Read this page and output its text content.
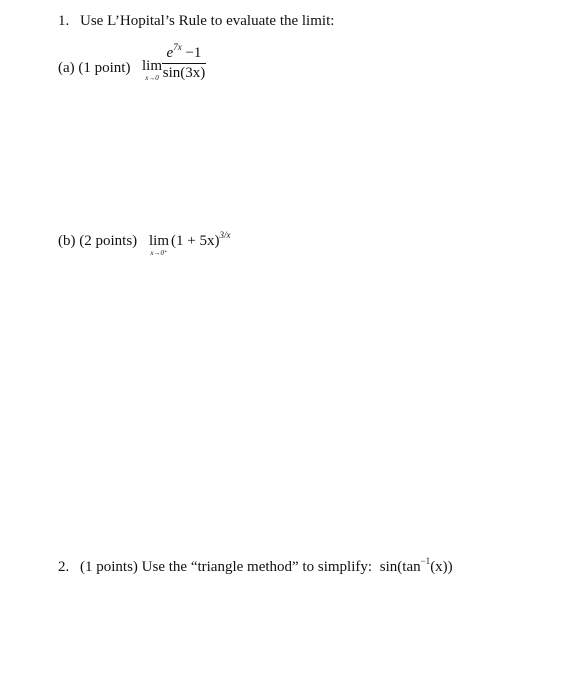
1. Use L’Hopital’s Rule to evaluate the limit:
(a) (1 point) lim
x→0
$e^{7x} -1$
sin(3x)
(b) (2 points) lim
x→0⁺
$(1 + 5x)^{3/x}$
2. (1 points) Use the “triangle method” to simplify: $\sin(\tan^{-1}(x))$
